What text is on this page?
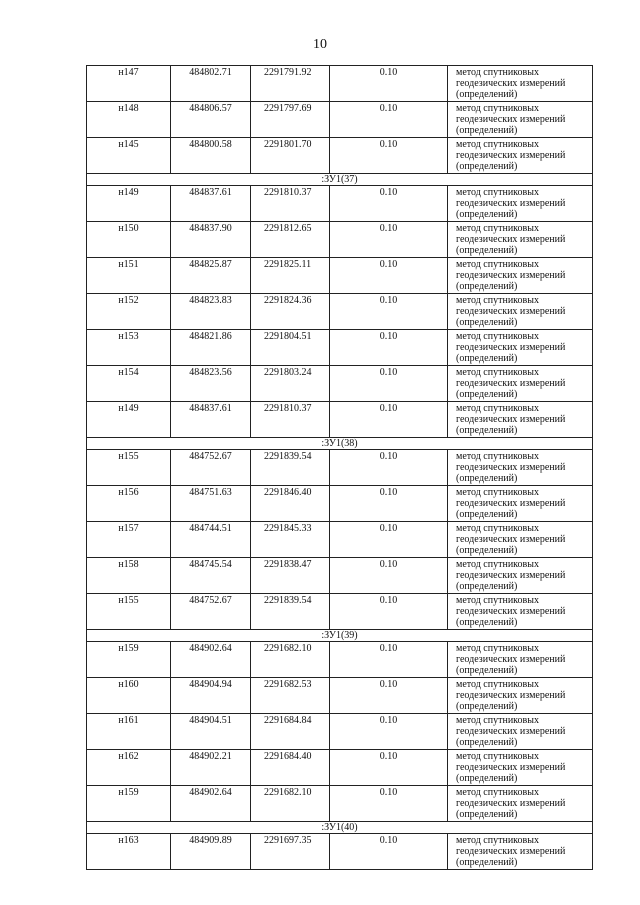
10
н147	484802.71	2291791.92	0.10	метод спутниковых
геодезических измерений
(определений)

н148	484806.57	2291797.69	0.10	метод спутниковых
геодезических измерений
(определений)

н145	484800.58	2291801.70	0.10	метод спутниковых
геодезических измерений
(определений)

:ЗУ1(37)				
н149	484837.61	2291810.37	0.10	метод спутниковых
геодезических измерений
(определений)

н150	484837.90	2291812.65	0.10	метод спутниковых
геодезических измерений
(определений)

н151	484825.87	2291825.11	0.10	метод спутниковых
геодезических измерений
(определений)

н152	484823.83	2291824.36	0.10	метод спутниковых
геодезических измерений
(определений)

н153	484821.86	2291804.51	0.10	метод спутниковых
геодезических измерений
(определений)

н154	484823.56	2291803.24	0.10	метод спутниковых
геодезических измерений
(определений)

н149	484837.61	2291810.37	0.10	метод спутниковых
геодезических измерений
(определений)

:ЗУ1(38)				
н155	484752.67	2291839.54	0.10	метод спутниковых
геодезических измерений
(определений)

н156	484751.63	2291846.40	0.10	метод спутниковых
геодезических измерений
(определений)

н157	484744.51	2291845.33	0.10	метод спутниковых
геодезических измерений
(определений)

н158	484745.54	2291838.47	0.10	метод спутниковых
геодезических измерений
(определений)

н155	484752.67	2291839.54	0.10	метод спутниковых
геодезических измерений
(определений)

:ЗУ1(39)				
н159	484902.64	2291682.10	0.10	метод спутниковых
геодезических измерений
(определений)

н160	484904.94	2291682.53	0.10	метод спутниковых
геодезических измерений
(определений)

н161	484904.51	2291684.84	0.10	метод спутниковых
геодезических измерений
(определений)

н162	484902.21	2291684.40	0.10	метод спутниковых
геодезических измерений
(определений)

н159	484902.64	2291682.10	0.10	метод спутниковых
геодезических измерений
(определений)

:ЗУ1(40)				
н163	484909.89	2291697.35	0.10	метод спутниковых
геодезических измерений
(определений)
